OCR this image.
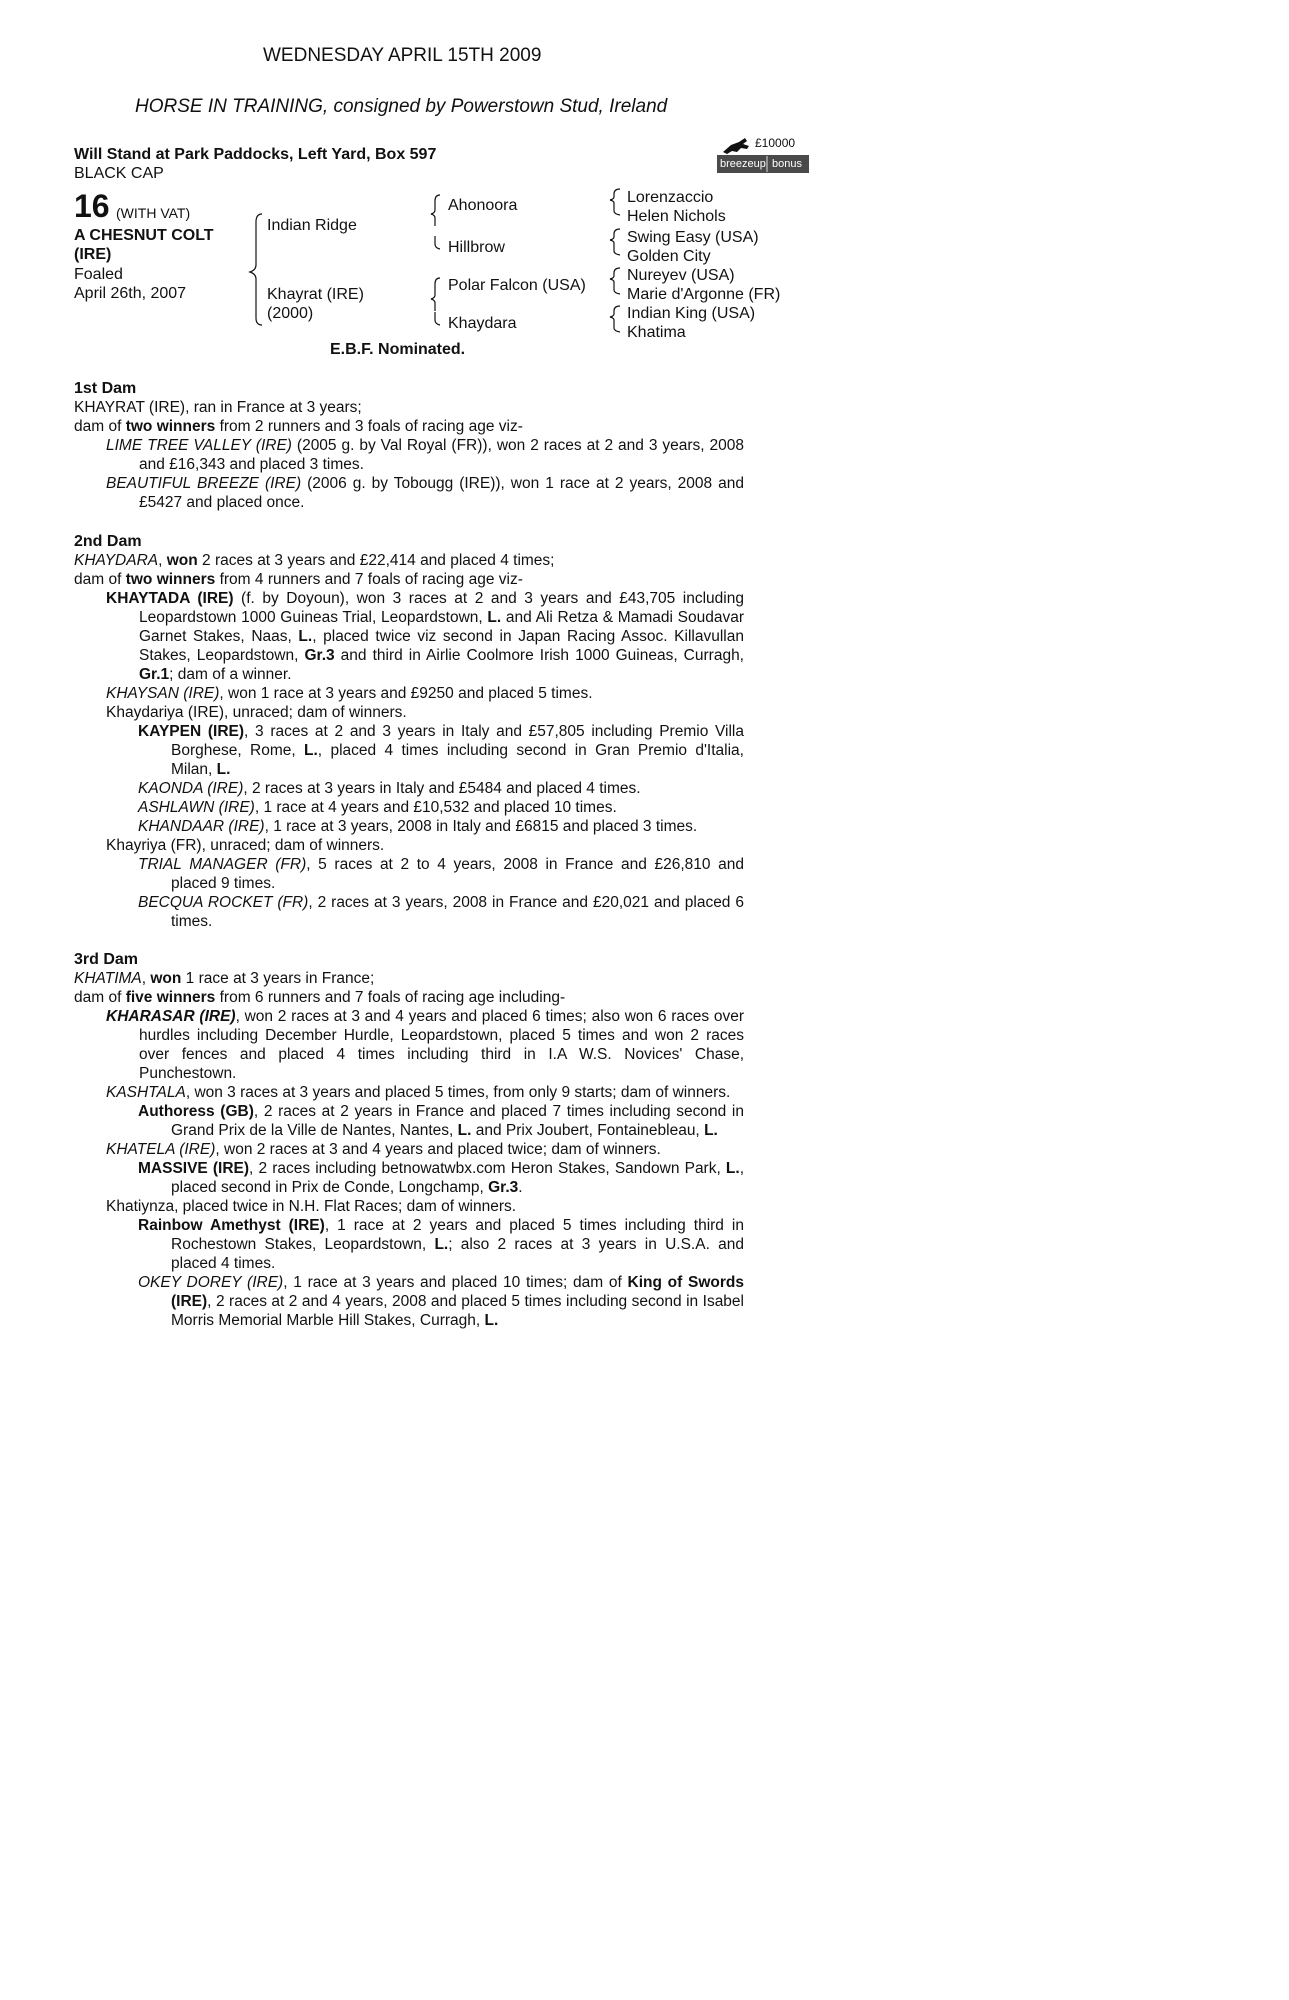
WEDNESDAY APRIL 15TH 2009
HORSE IN TRAINING, consigned by Powerstown Stud, Ireland
Will Stand at Park Paddocks, Left Yard, Box 597
BLACK CAP
£10000
breezeup bonus
16 (WITH VAT)
A CHESNUT COLT
(IRE)
Foaled
April 26th, 2007
Indian Ridge
Khayrat (IRE)
(2000)
Ahonoora
Hillbrow
Polar Falcon (USA)
Khaydara
Lorenzaccio
Helen Nichols
Swing Easy (USA)
Golden City
Nureyev (USA)
Marie d'Argonne (FR)
Indian King (USA)
Khatima
E.B.F. Nominated.

1st Dam

KHAYRAT (IRE), ran in France at 3 years;

dam of two winners from 2 runners and 3 foals of racing age viz-

LIME TREE VALLEY (IRE) (2005 g. by Val Royal (FR)), won 2 races at 2 and 3 years, 2008 and £16,343 and placed 3 times.

BEAUTIFUL BREEZE (IRE) (2006 g. by Tobougg (IRE)), won 1 race at 2 years, 2008 and £5427 and placed once.

2nd Dam

KHAYDARA, won 2 races at 3 years and £22,414 and placed 4 times;

dam of two winners from 4 runners and 7 foals of racing age viz-

KHAYTADA (IRE) (f. by Doyoun), won 3 races at 2 and 3 years and £43,705 including Leopardstown 1000 Guineas Trial, Leopardstown, L. and Ali Retza & Mamadi Soudavar Garnet Stakes, Naas, L., placed twice viz second in Japan Racing Assoc. Killavullan Stakes, Leopardstown, Gr.3 and third in Airlie Coolmore Irish 1000 Guineas, Curragh, Gr.1; dam of a winner.

KHAYSAN (IRE), won 1 race at 3 years and £9250 and placed 5 times.

Khaydariya (IRE), unraced; dam of winners.

KAYPEN (IRE), 3 races at 2 and 3 years in Italy and £57,805 including Premio Villa Borghese, Rome, L., placed 4 times including second in Gran Premio d'Italia, Milan, L.

KAONDA (IRE), 2 races at 3 years in Italy and £5484 and placed 4 times.

ASHLAWN (IRE), 1 race at 4 years and £10,532 and placed 10 times.

KHANDAAR (IRE), 1 race at 3 years, 2008 in Italy and £6815 and placed 3 times.

Khayriya (FR), unraced; dam of winners.

TRIAL MANAGER (FR), 5 races at 2 to 4 years, 2008 in France and £26,810 and placed 9 times.

BECQUA ROCKET (FR), 2 races at 3 years, 2008 in France and £20,021 and placed 6 times.

3rd Dam

KHATIMA, won 1 race at 3 years in France;

dam of five winners from 6 runners and 7 foals of racing age including-

KHARASAR (IRE), won 2 races at 3 and 4 years and placed 6 times; also won 6 races over hurdles including December Hurdle, Leopardstown, placed 5 times and won 2 races over fences and placed 4 times including third in I.A W.S. Novices' Chase, Punchestown.

KASHTALA, won 3 races at 3 years and placed 5 times, from only 9 starts; dam of winners.

Authoress (GB), 2 races at 2 years in France and placed 7 times including second in Grand Prix de la Ville de Nantes, Nantes, L. and Prix Joubert, Fontainebleau, L.

KHATELA (IRE), won 2 races at 3 and 4 years and placed twice; dam of winners.

MASSIVE (IRE), 2 races including betnowatwbx.com Heron Stakes, Sandown Park, L., placed second in Prix de Conde, Longchamp, Gr.3.

Khatiynza, placed twice in N.H. Flat Races; dam of winners.

Rainbow Amethyst (IRE), 1 race at 2 years and placed 5 times including third in Rochestown Stakes, Leopardstown, L.; also 2 races at 3 years in U.S.A. and placed 4 times.

OKEY DOREY (IRE), 1 race at 3 years and placed 10 times; dam of King of Swords (IRE), 2 races at 2 and 4 years, 2008 and placed 5 times including second in Isabel Morris Memorial Marble Hill Stakes, Curragh, L.
